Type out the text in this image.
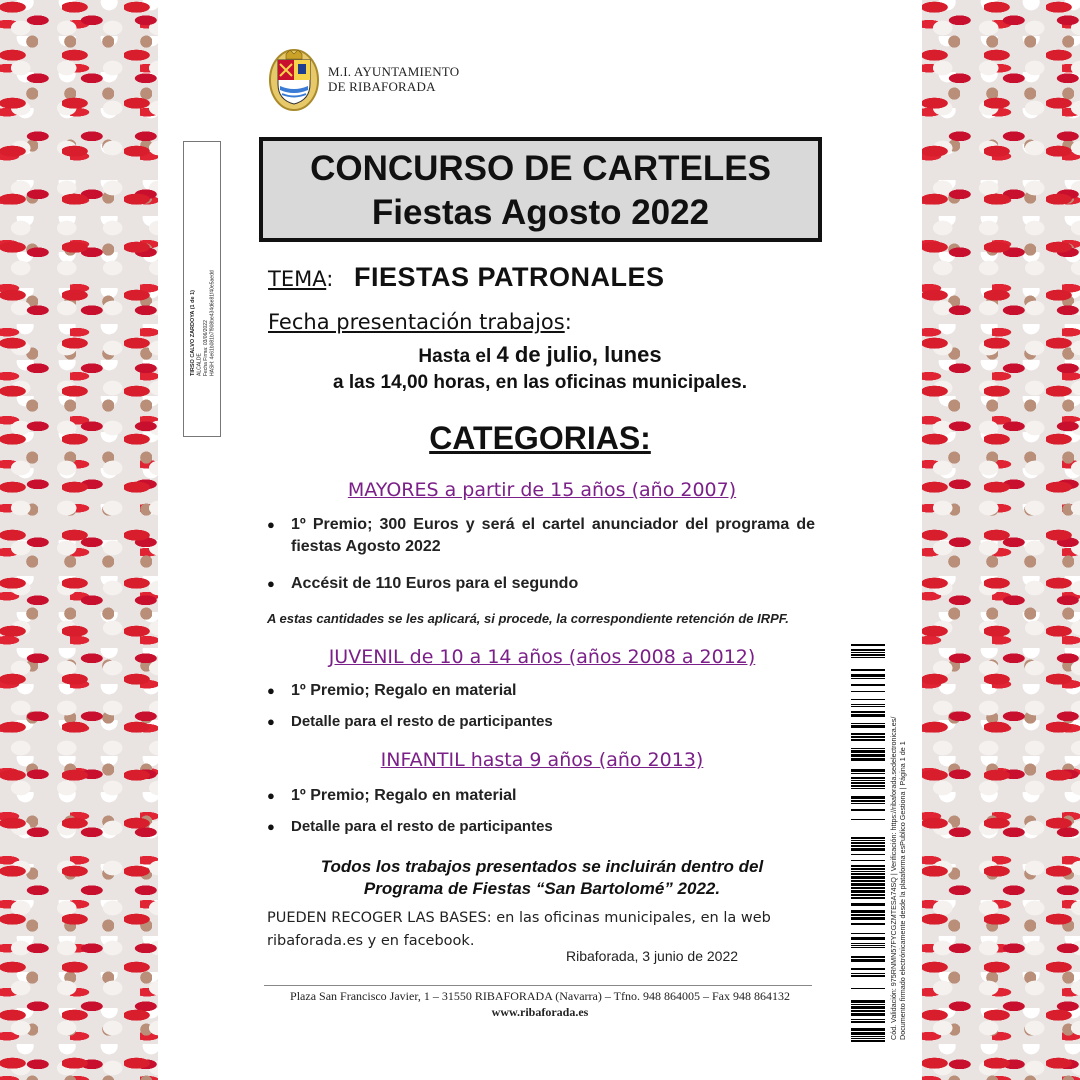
M.I. AYUNTAMIENTO
DE RIBAFORADA
TIRSO CALVO ZARDOYA (1 de 1) ALCALDE Fecha Firma: 03/06/2022 HASH: 4e61b081b7f908be434d6e81f40e5aedd
CONCURSO DE CARTELES
Fiestas Agosto 2022
TEMA: FIESTAS PATRONALES
Fecha presentación trabajos:
Hasta el 4 de julio, lunes
a las 14,00 horas, en las oficinas municipales.
CATEGORIAS:
MAYORES a partir de 15 años (año 2007)
● 1º Premio; 300 Euros y será el cartel anunciador del programa de fiestas Agosto 2022
● Accésit de 110 Euros para el segundo
A estas cantidades se les aplicará, si procede, la correspondiente retención de IRPF.
JUVENIL de 10 a 14 años (años 2008 a 2012)
● 1º Premio; Regalo en material
● Detalle para el resto de participantes
INFANTIL hasta 9 años (año 2013)
● 1º Premio; Regalo en material
● Detalle para el resto de participantes
Todos los trabajos presentados se incluirán dentro del
Programa de Fiestas “San Bartolomé” 2022.
PUEDEN RECOGER LAS BASES: en las oficinas municipales, en la web
ribaforada.es y en facebook.
Ribaforada, 3 junio de 2022
Plaza San Francisco Javier, 1 – 31550 RIBAFORADA (Navarra) – Tfno. 948 864005 – Fax 948 864132
www.ribaforada.es	Cód. Validación: 975RNMN57FYCGZMTESA74SQ | Verificación: https://ribaforada.sedelectronica.es/ Documento firmado electrónicamente desde la plataforma esPublico Gestiona | Página 1 de 1
